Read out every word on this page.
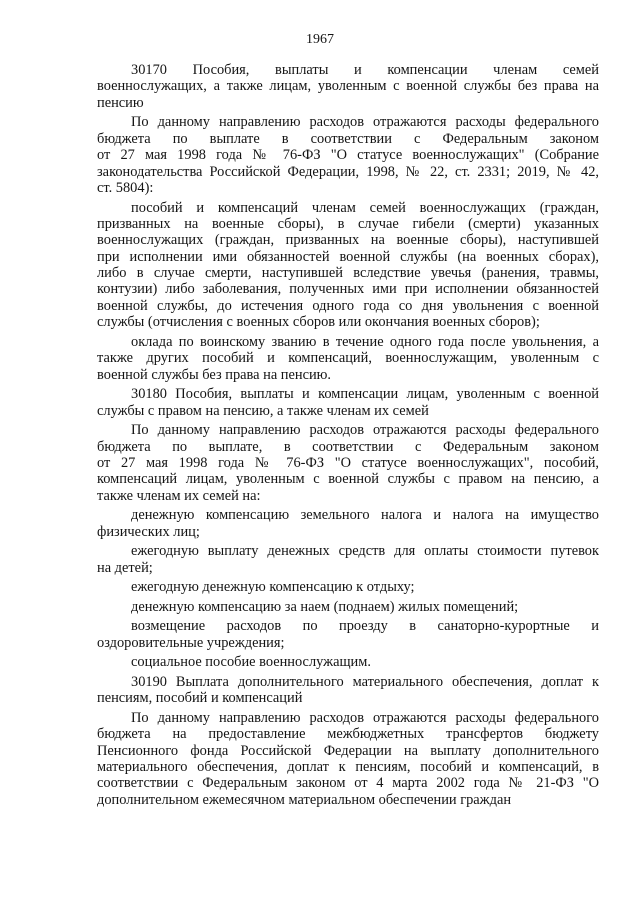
1967
30170 Пособия, выплаты и компенсации членам семей
военнослужащих, а также лицам, уволенным с военной службы без права на
пенсию
По данному направлению расходов отражаются расходы федерального
бюджета по выплате в соответствии с Федеральным законом
от 27 мая 1998 года № 76-ФЗ "О статусе военнослужащих" (Собрание
законодательства Российской Федерации, 1998, № 22, ст. 2331; 2019, № 42,
ст. 5804):
пособий и компенсаций членам семей военнослужащих (граждан,
призванных на военные сборы), в случае гибели (смерти) указанных
военнослужащих (граждан, призванных на военные сборы), наступившей
при исполнении ими обязанностей военной службы (на военных сборах),
либо в случае смерти, наступившей вследствие увечья (ранения, травмы,
контузии) либо заболевания, полученных ими при исполнении обязанностей
военной службы, до истечения одного года со дня увольнения с военной
службы (отчисления с военных сборов или окончания военных сборов);
оклада по воинскому званию в течение одного года после увольнения, а
также других пособий и компенсаций, военнослужащим, уволенным с
военной службы без права на пенсию.
30180 Пособия, выплаты и компенсации лицам, уволенным с военной
службы с правом на пенсию, а также членам их семей
По данному направлению расходов отражаются расходы федерального
бюджета по выплате, в соответствии с Федеральным законом
от 27 мая 1998 года № 76-ФЗ "О статусе военнослужащих", пособий,
компенсаций лицам, уволенным с военной службы с правом на пенсию, а
также членам их семей на:
денежную компенсацию земельного налога и налога на имущество
физических лиц;
ежегодную выплату денежных средств для оплаты стоимости путевок
на детей;
ежегодную денежную компенсацию к отдыху;
денежную компенсацию за наем (поднаем) жилых помещений;
возмещение расходов по проезду в санаторно-курортные и
оздоровительные учреждения;
социальное пособие военнослужащим.
30190 Выплата дополнительного материального обеспечения, доплат к
пенсиям, пособий и компенсаций
По данному направлению расходов отражаются расходы федерального
бюджета на предоставление межбюджетных трансфертов бюджету
Пенсионного фонда Российской Федерации на выплату дополнительного
материального обеспечения, доплат к пенсиям, пособий и компенсаций, в
соответствии с Федеральным законом от 4 марта 2002 года № 21-ФЗ "О
дополнительном ежемесячном материальном обеспечении граждан
